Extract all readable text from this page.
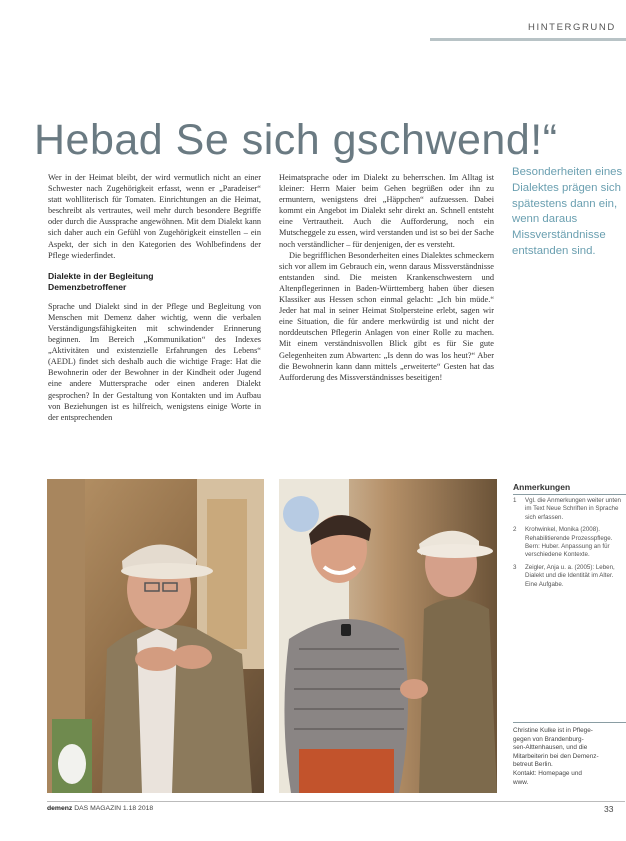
HINTERGRUND
Hebad Se sich gschwend!“

Wer in der Heimat bleibt, der wird vermutlich nicht an einer Schwester nach Zugehörigkeit erfasst, wenn er „Paradeiser“ statt wohlliterisch für Tomaten. Einrichtungen an die Heimat, beschreibt als vertrautes, weil mehr durch besondere Begriffe oder durch die Aussprache angewöhnen. Mit dem Dialekt kann sich daher auch ein Gefühl von Zugehörigkeit einstellen – ein Aspekt, der sich in den Kategorien des Wohlbefindens der Pflege wiederfindet.

Dialekte in der Begleitung
Demenzbetroffener

Sprache und Dialekt sind in der Pflege und Begleitung von Menschen mit Demenz daher wichtig, wenn die verbalen Verständigungsfähigkeiten mit schwindender Erinnerung beginnen. Im Bereich „Kommunikation“ des Indexes „Aktivitäten und existenzielle Erfahrungen des Lebens“ (AEDL) findet sich deshalb auch die wichtige Frage: Hat die Bewohnerin oder der Bewohner in der Kindheit oder Jugend eine andere Muttersprache oder einen anderen Dialekt gesprochen? In der Gestaltung von Kontakten und im Aufbau von Beziehungen ist es hilfreich, wenigstens einige Worte in der entsprechenden

Heimatsprache oder im Dialekt zu beherrschen. Im Alltag ist kleiner: Herrn Maier beim Gehen begrüßen oder ihn zu ermuntern, wenigstens drei „Häppchen“ aufzuessen. Dabei kommt ein Angebot im Dialekt sehr direkt an. Schnell entsteht eine Vertrautheit. Auch die Aufforderung, noch ein Mutscheggele zu essen, wird verstanden und ist so bei der Sache noch verständlicher – für denjenigen, der es versteht.

Die begrifflichen Besonderheiten eines Dialektes schmeckern sich vor allem im Gebrauch ein, wenn daraus Missverständnisse entstanden sind. Die meisten Krankenschwestern und Altenpflegerinnen in Baden-Württemberg haben über diesen Klassiker aus Hessen schon einmal gelacht: „Ich bin müde.“ Jeder hat mal in seiner Heimat Stolpersteine erlebt, sagen wir eine Situation, die für andere merkwürdig ist und nicht der norddeutschen Pflegerin Anlagen von einer Rolle zu machen. Mit einem verständnisvollen Blick gibt es für Sie gute Gelegenheiten zum Abwarten: „Is denn do was los heut?“ Aber die Bewohnerin kann dann mittels „erweiterte“ Gesten hat das Aufforderung des Missverständnisses beseitigen!

Besonderheiten eines
Dialektes prägen sich
spätestens dann ein,
wenn daraus
Missverständnisse
entstanden sind.
Anmerkungen
1	Vgl. die Anmerkungen weiter unten im Text Neue Schriften in Sprache sich erfassen.
2	Krohwinkel, Monika (2008). Rehabilitierende Prozesspflege. Bern: Huber. Anpassung an für verschiedene Kontexte.
3	Zeigler, Anja u. a. (2005): Leben, Dialekt und die Identität im Alter. Eine Aufgabe.
Christine Kulke ist in Pflege-
gegen von Brandenburg-
sen-Alttenhausen, und die
Mitarbeiterin bei den Demenz-
betreut Berlin.
Kontakt: Homepage und
www.
demenz DAS MAGAZIN 1.18 2018	33
